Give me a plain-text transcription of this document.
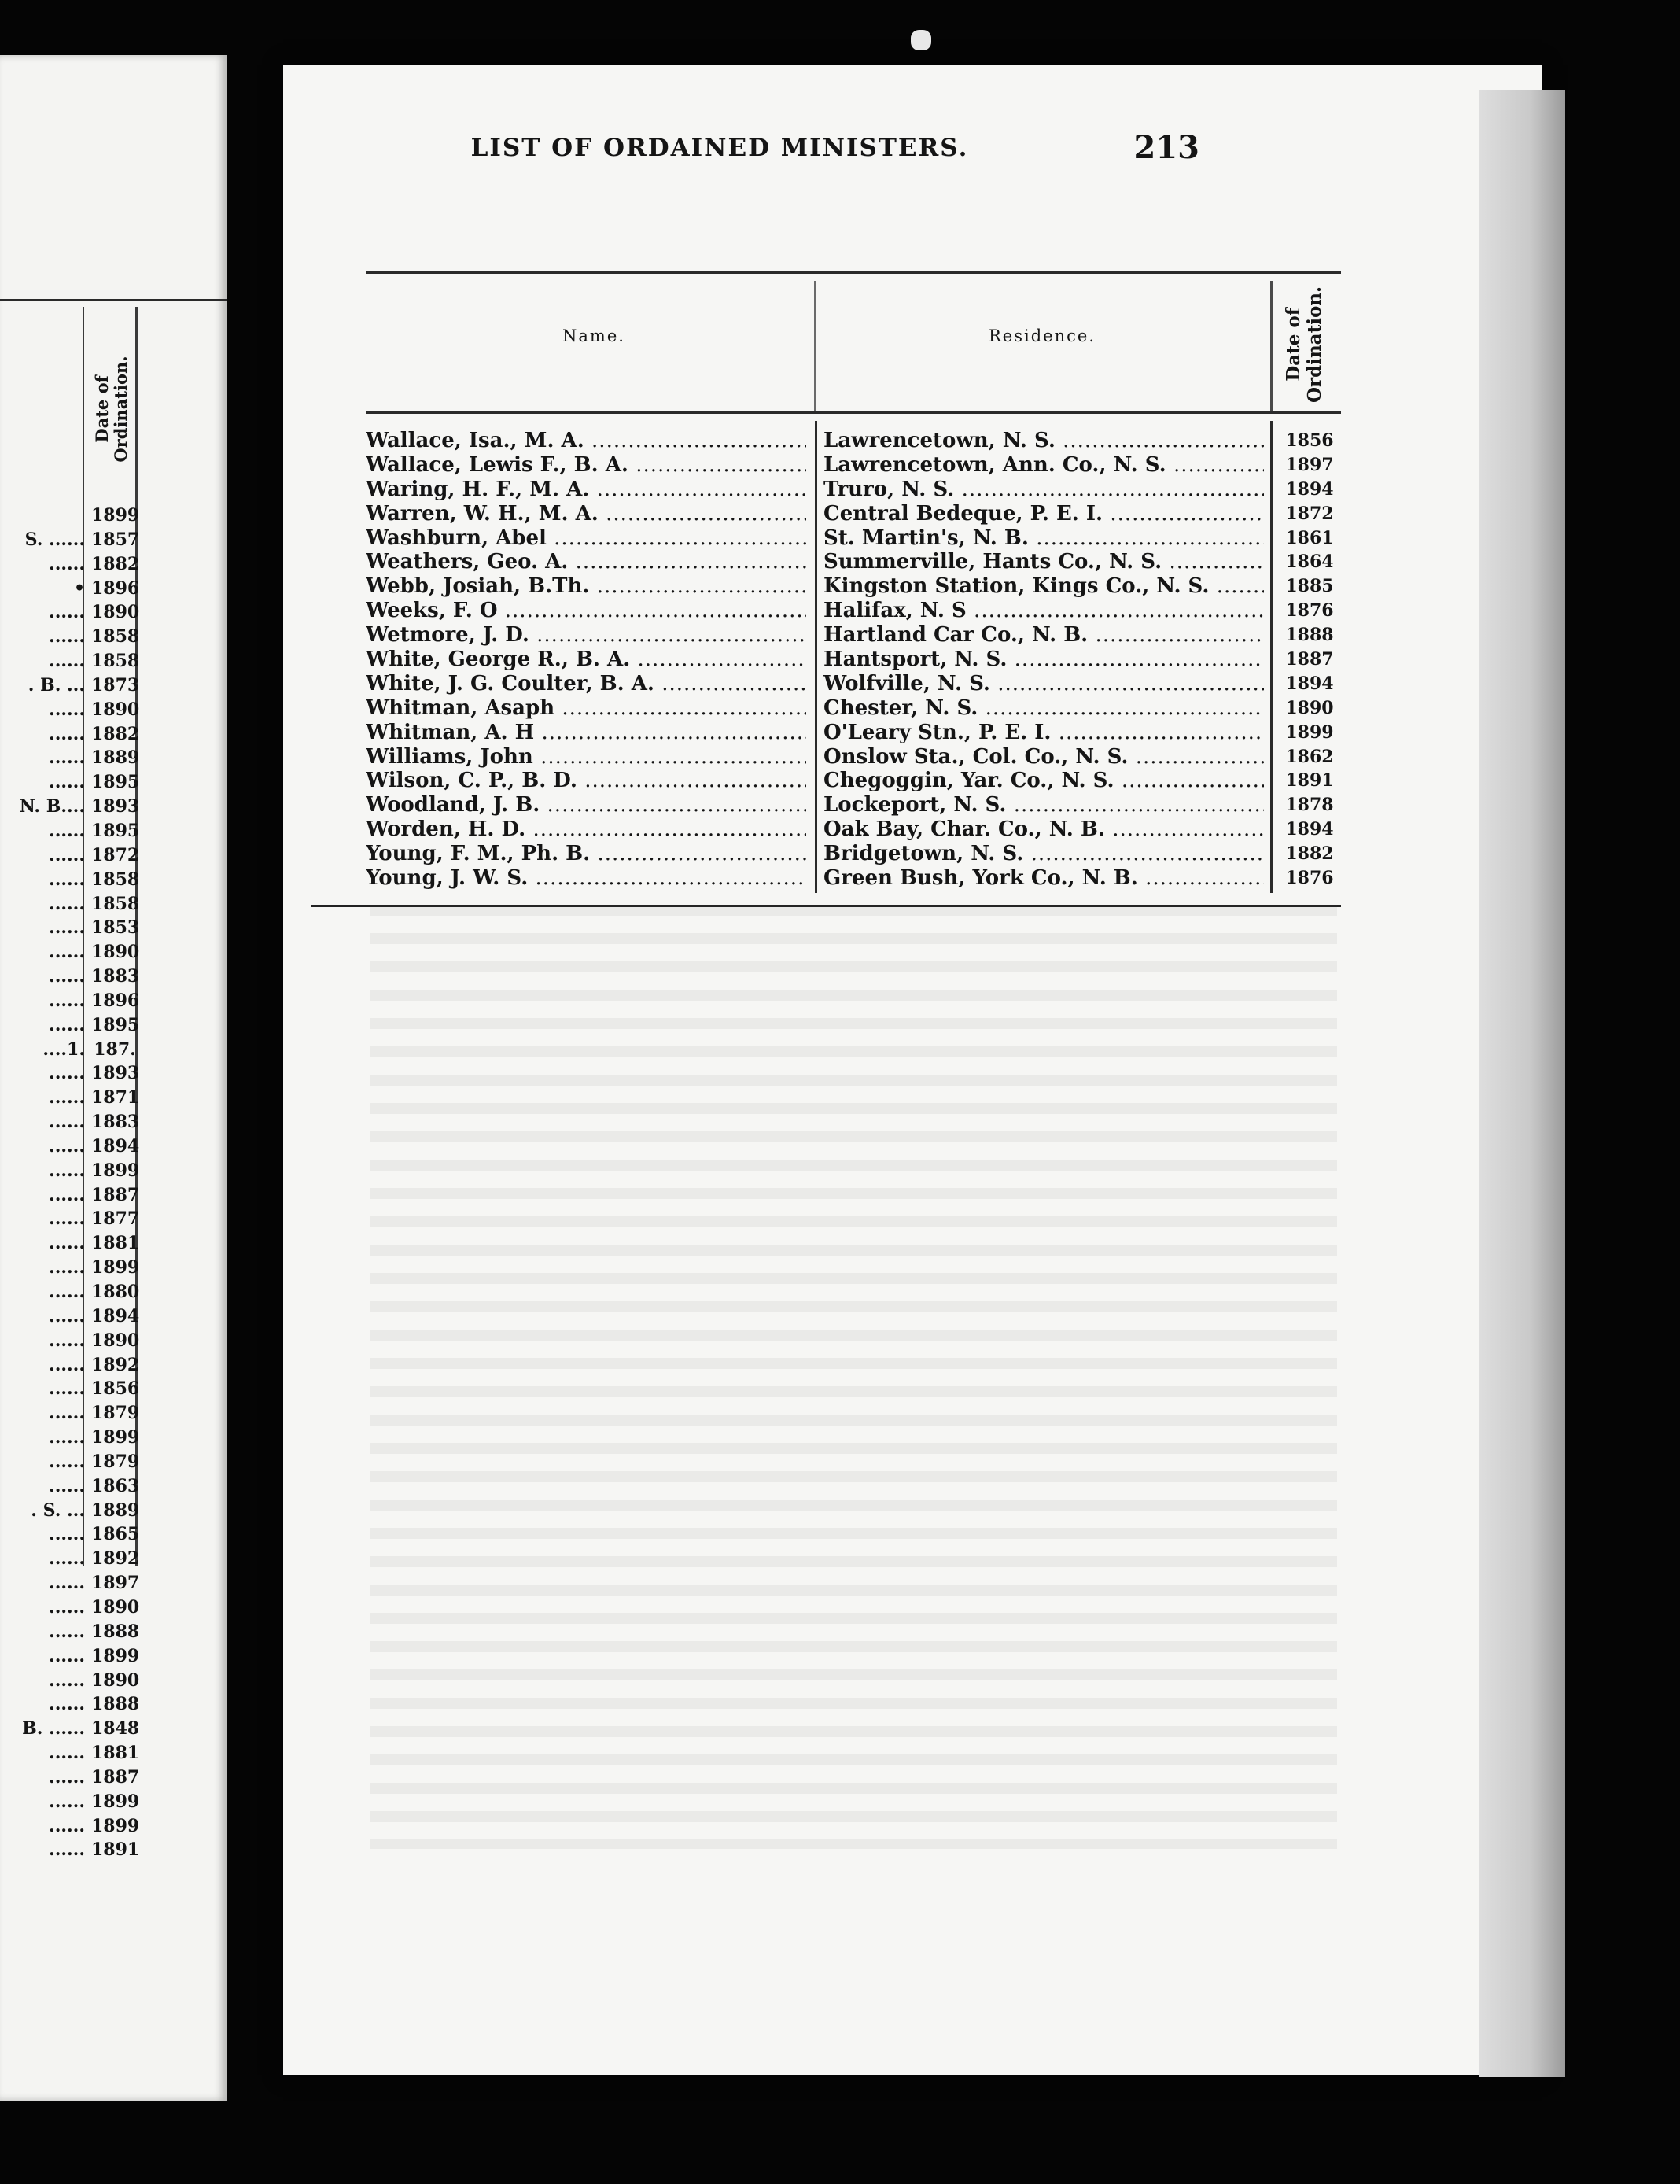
Date of Ordination.
1899
S. ...... 1857
...... 1882
• 1896
...... 1890
...... 1858
...... 1858
. B. ... 1873
...... 1890
...... 1882
...... 1889
...... 1895
N. B.... 1893
...... 1895
...... 1872
...... 1858
...... 1858
...... 1853
...... 1890
...... 1883
...... 1896
...... 1895
....1. 187.
...... 1893
...... 1871
...... 1883
...... 1894
...... 1899
...... 1887
...... 1877
...... 1881
...... 1899
...... 1880
...... 1894
...... 1890
...... 1892
...... 1856
...... 1879
...... 1899
...... 1879
...... 1863
. S. ... 1889
...... 1865
...... 1892
...... 1897
...... 1890
...... 1888
...... 1899
...... 1890
...... 1888
B. ...... 1848
...... 1881
...... 1887
...... 1899
...... 1899
...... 1891
LIST OF ORDAINED MINISTERS.	213
Name.	Residence.	Date of Ordination.
Wallace, Isa., M. A. .....	Lawrencetown, N. S. .....	1856
Wallace, Lewis F., B. A. .....	Lawrencetown, Ann. Co., N. S. .....	1897
Waring, H. F., M. A. .....	Truro, N. S. .....	1894
Warren, W. H., M. A. .....	Central Bedeque, P. E. I. .....	1872
Washburn, Abel .....	St. Martin's, N. B. .....	1861
Weathers, Geo. A. .....	Summerville, Hants Co., N. S. .....	1864
Webb, Josiah, B.Th. .....	Kingston Station, Kings Co., N. S. .....	1885
Weeks, F. O .....	Halifax, N. S .....	1876
Wetmore, J. D. .....	Hartland Car Co., N. B. .....	1888
White, George R., B. A. .....	Hantsport, N. S. .....	1887
White, J. G. Coulter, B. A. .....	Wolfville, N. S. .....	1894
Whitman, Asaph .....	Chester, N. S. .....	1890
Whitman, A. H .....	O'Leary Stn., P. E. I. .....	1899
Williams, John .....	Onslow Sta., Col. Co., N. S. .....	1862
Wilson, C. P., B. D. .....	Chegoggin, Yar. Co., N. S. .....	1891
Woodland, J. B. .....	Lockeport, N. S. .....	1878
Worden, H. D. .....	Oak Bay, Char. Co., N. B. .....	1894
Young, F. M., Ph. B. .....	Bridgetown, N. S. .....	1882
Young, J. W. S. .....	Green Bush, York Co., N. B. .....	1876
